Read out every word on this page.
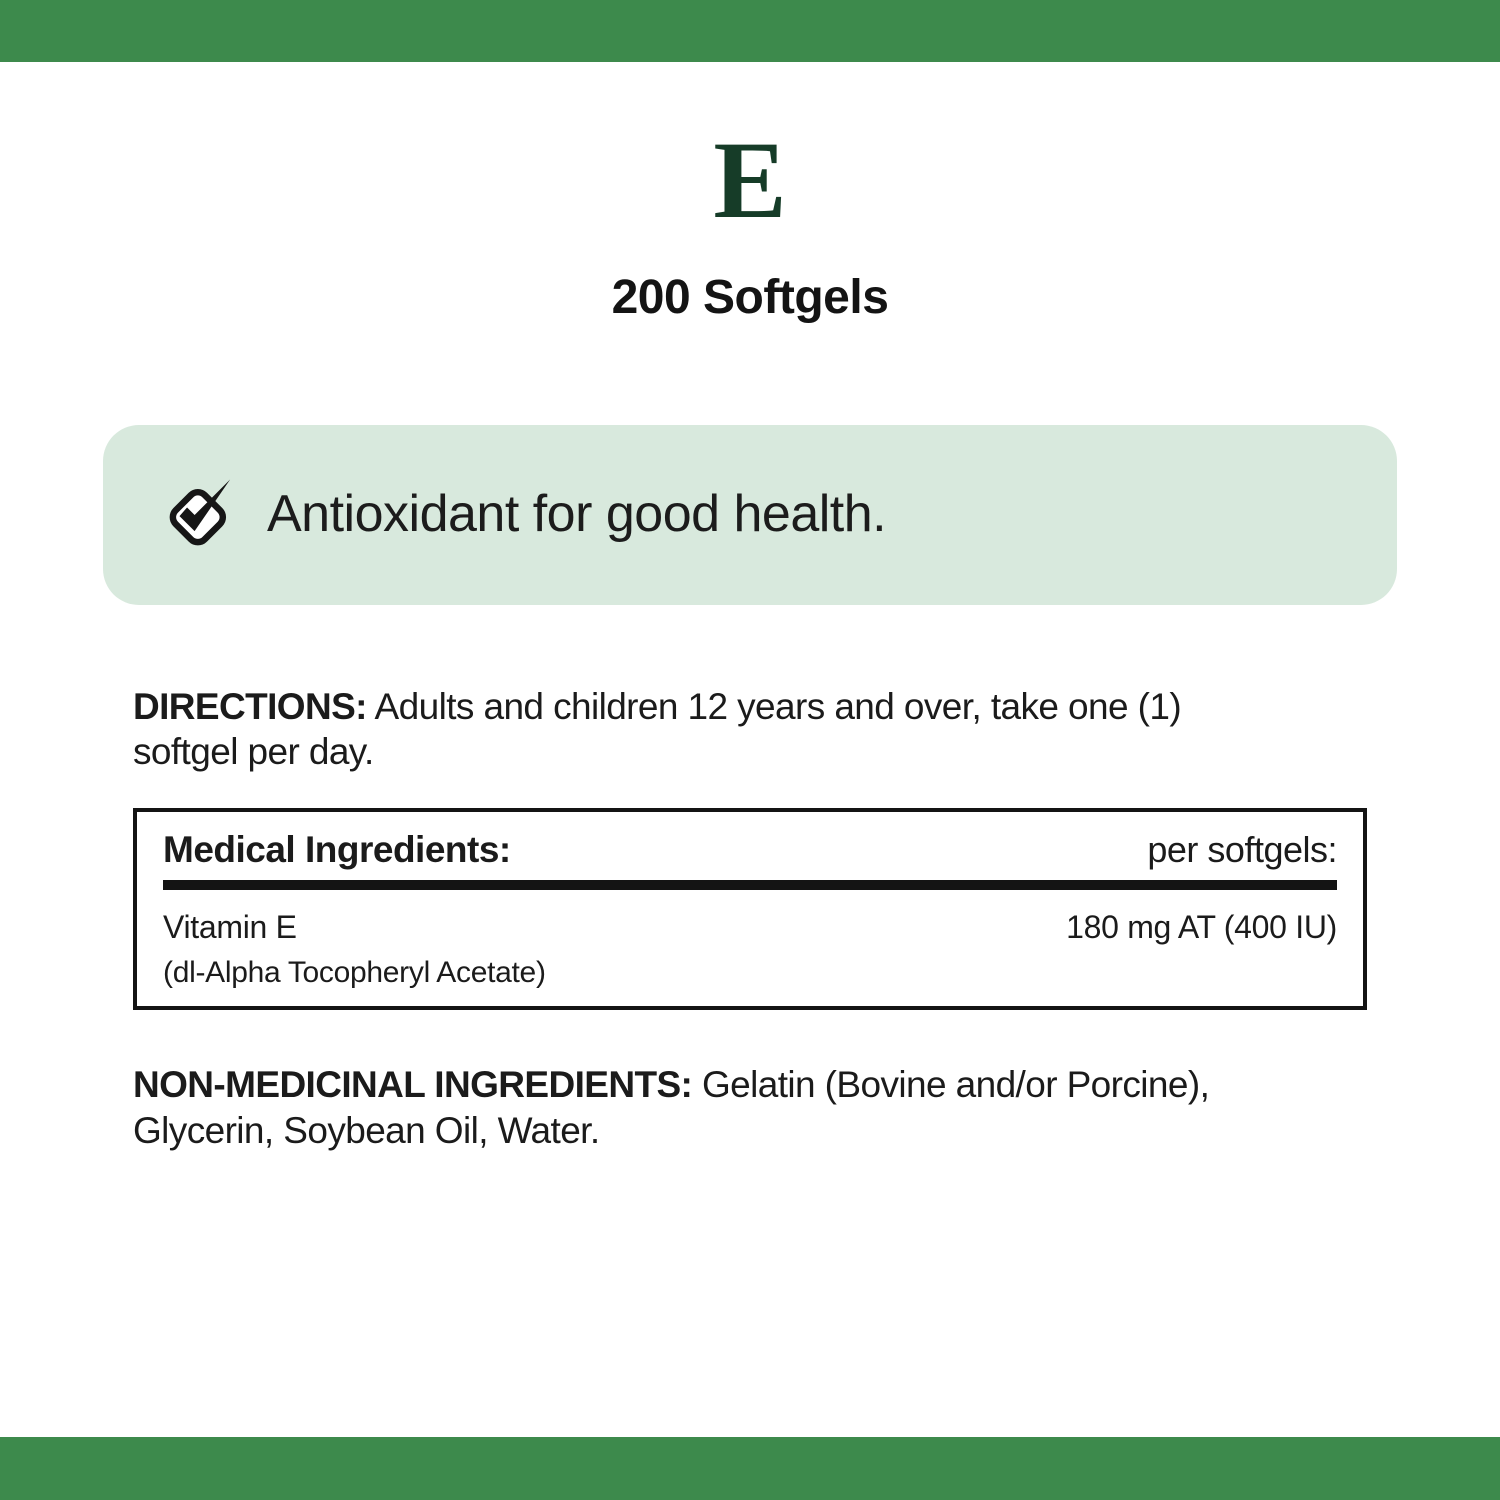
E
200 Softgels
Antioxidant for good health.

DIRECTIONS: Adults and children 12 years and over, take one (1)
softgel per day.

Medical Ingredients:	per softgels:
Vitamin E	180 mg AT (400 IU)
(dl-Alpha Tocopheryl Acetate)

NON-MEDICINAL INGREDIENTS: Gelatin (Bovine and/or Porcine),
Glycerin, Soybean Oil, Water.
